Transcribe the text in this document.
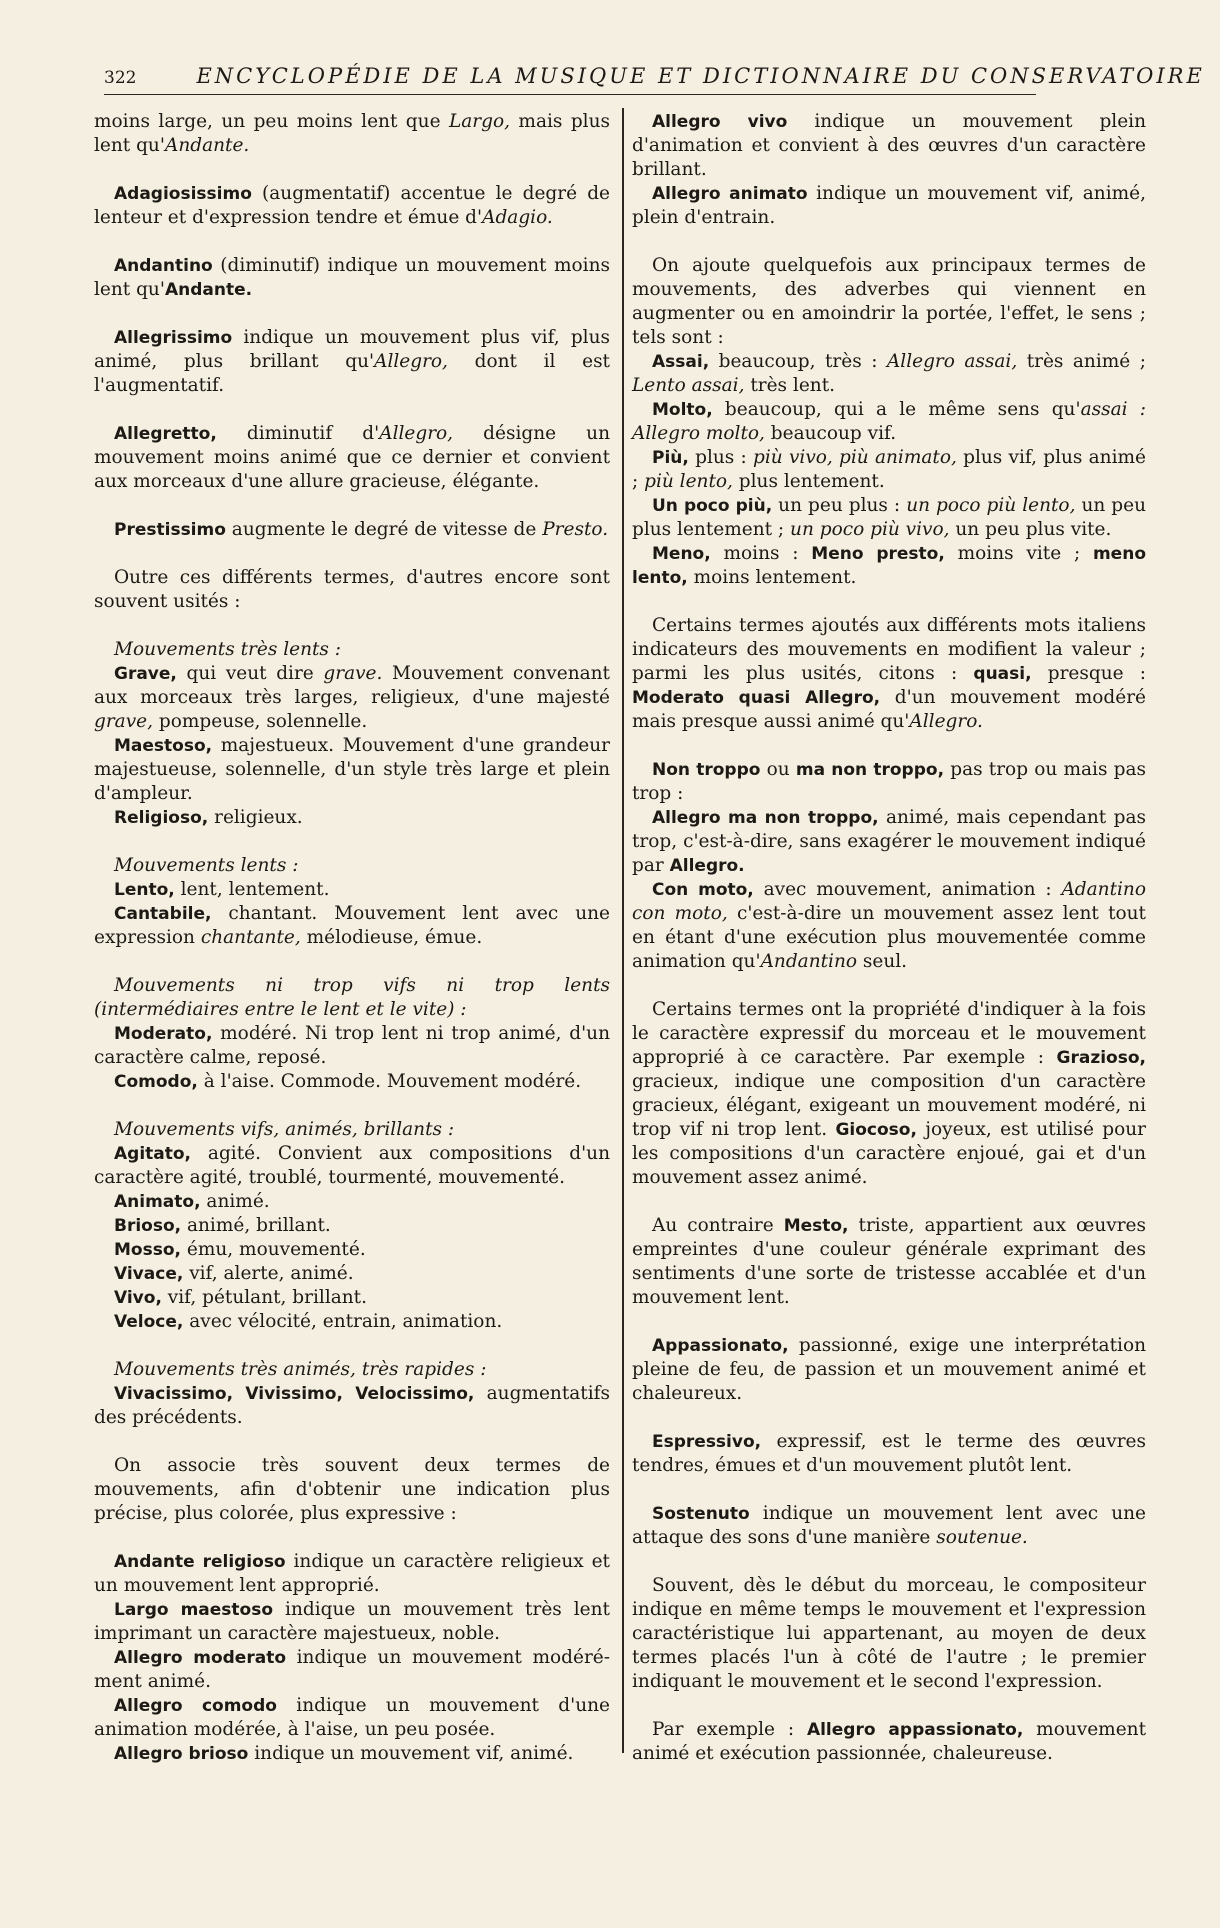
322	ENCYCLOPÉDIE DE LA MUSIQUE ET DICTIONNAIRE DU CONSERVATOIRE

moins large, un peu moins lent que Largo, mais plus lent qu'Andante.

Adagiosissimo (augmentatif) accentue le degré de lenteur et d'expression tendre et émue d'Adagio.

Andantino (diminutif) indique un mouvement moins lent qu'Andante.

Allegrissimo indique un mouvement plus vif, plus animé, plus brillant qu'Allegro, dont il est l'augmentatif.

Allegretto, diminutif d'Allegro, désigne un mouvement moins animé que ce dernier et convient aux morceaux d'une allure gracieuse, élégante.

Prestissimo augmente le degré de vitesse de Presto.

Outre ces différents termes, d'autres encore sont souvent usités :

Mouvements très lents :

Grave, qui veut dire grave. Mouvement convenant aux morceaux très larges, religieux, d'une majesté grave, pompeuse, solennelle.

Maestoso, majestueux. Mouvement d'une grandeur majestueuse, solennelle, d'un style très large et plein d'ampleur.

Religioso, religieux.

Mouvements lents :

Lento, lent, lentement.

Cantabile, chantant. Mouvement lent avec une expression chantante, mélodieuse, émue.

Mouvements ni trop vifs ni trop lents (intermédiaires entre le lent et le vite) :

Moderato, modéré. Ni trop lent ni trop animé, d'un caractère calme, reposé.

Comodo, à l'aise. Commode. Mouvement modéré.

Mouvements vifs, animés, brillants :

Agitato, agité. Convient aux compositions d'un caractère agité, troublé, tourmenté, mouvementé.

Animato, animé.

Brioso, animé, brillant.

Mosso, ému, mouvementé.

Vivace, vif, alerte, animé.

Vivo, vif, pétulant, brillant.

Veloce, avec vélocité, entrain, animation.

Mouvements très animés, très rapides :

Vivacissimo, Vivissimo, Velocissimo, augmentatifs des précédents.

On associe très souvent deux termes de mouvements, afin d'obtenir une indication plus précise, plus colorée, plus expressive :

Andante religioso indique un caractère religieux et un mouvement lent approprié.

Largo maestoso indique un mouvement très lent imprimant un caractère majestueux, noble.

Allegro moderato indique un mouvement modéré-ment animé.

Allegro comodo indique un mouvement d'une animation modérée, à l'aise, un peu posée.

Allegro brioso indique un mouvement vif, animé.

Allegro vivo indique un mouvement plein d'animation et convient à des œuvres d'un caractère brillant.

Allegro animato indique un mouvement vif, animé, plein d'entrain.

On ajoute quelquefois aux principaux termes de mouvements, des adverbes qui viennent en augmenter ou en amoindrir la portée, l'effet, le sens ; tels sont :

Assai, beaucoup, très : Allegro assai, très animé ; Lento assai, très lent.

Molto, beaucoup, qui a le même sens qu'assai : Allegro molto, beaucoup vif.

Più, plus : più vivo, più animato, plus vif, plus animé ; più lento, plus lentement.

Un poco più, un peu plus : un poco più lento, un peu plus lentement ; un poco più vivo, un peu plus vite.

Meno, moins : Meno presto, moins vite ; meno lento, moins lentement.

Certains termes ajoutés aux différents mots italiens indicateurs des mouvements en modifient la valeur ; parmi les plus usités, citons : quasi, presque : Moderato quasi Allegro, d'un mouvement modéré mais presque aussi animé qu'Allegro.

Non troppo ou ma non troppo, pas trop ou mais pas trop :

Allegro ma non troppo, animé, mais cependant pas trop, c'est-à-dire, sans exagérer le mouvement indiqué par Allegro.

Con moto, avec mouvement, animation : Adantino con moto, c'est-à-dire un mouvement assez lent tout en étant d'une exécution plus mouvementée comme animation qu'Andantino seul.

Certains termes ont la propriété d'indiquer à la fois le caractère expressif du morceau et le mouvement approprié à ce caractère. Par exemple : Grazioso, gracieux, indique une composition d'un caractère gracieux, élégant, exigeant un mouvement modéré, ni trop vif ni trop lent. Giocoso, joyeux, est utilisé pour les compositions d'un caractère enjoué, gai et d'un mouvement assez animé.

Au contraire Mesto, triste, appartient aux œuvres empreintes d'une couleur générale exprimant des sentiments d'une sorte de tristesse accablée et d'un mouvement lent.

Appassionato, passionné, exige une interprétation pleine de feu, de passion et un mouvement animé et chaleureux.

Espressivo, expressif, est le terme des œuvres tendres, émues et d'un mouvement plutôt lent.

Sostenuto indique un mouvement lent avec une attaque des sons d'une manière soutenue.

Souvent, dès le début du morceau, le compositeur indique en même temps le mouvement et l'expression caractéristique lui appartenant, au moyen de deux termes placés l'un à côté de l'autre ; le premier indiquant le mouvement et le second l'expression.

Par exemple : Allegro appassionato, mouvement animé et exécution passionnée, chaleureuse.
